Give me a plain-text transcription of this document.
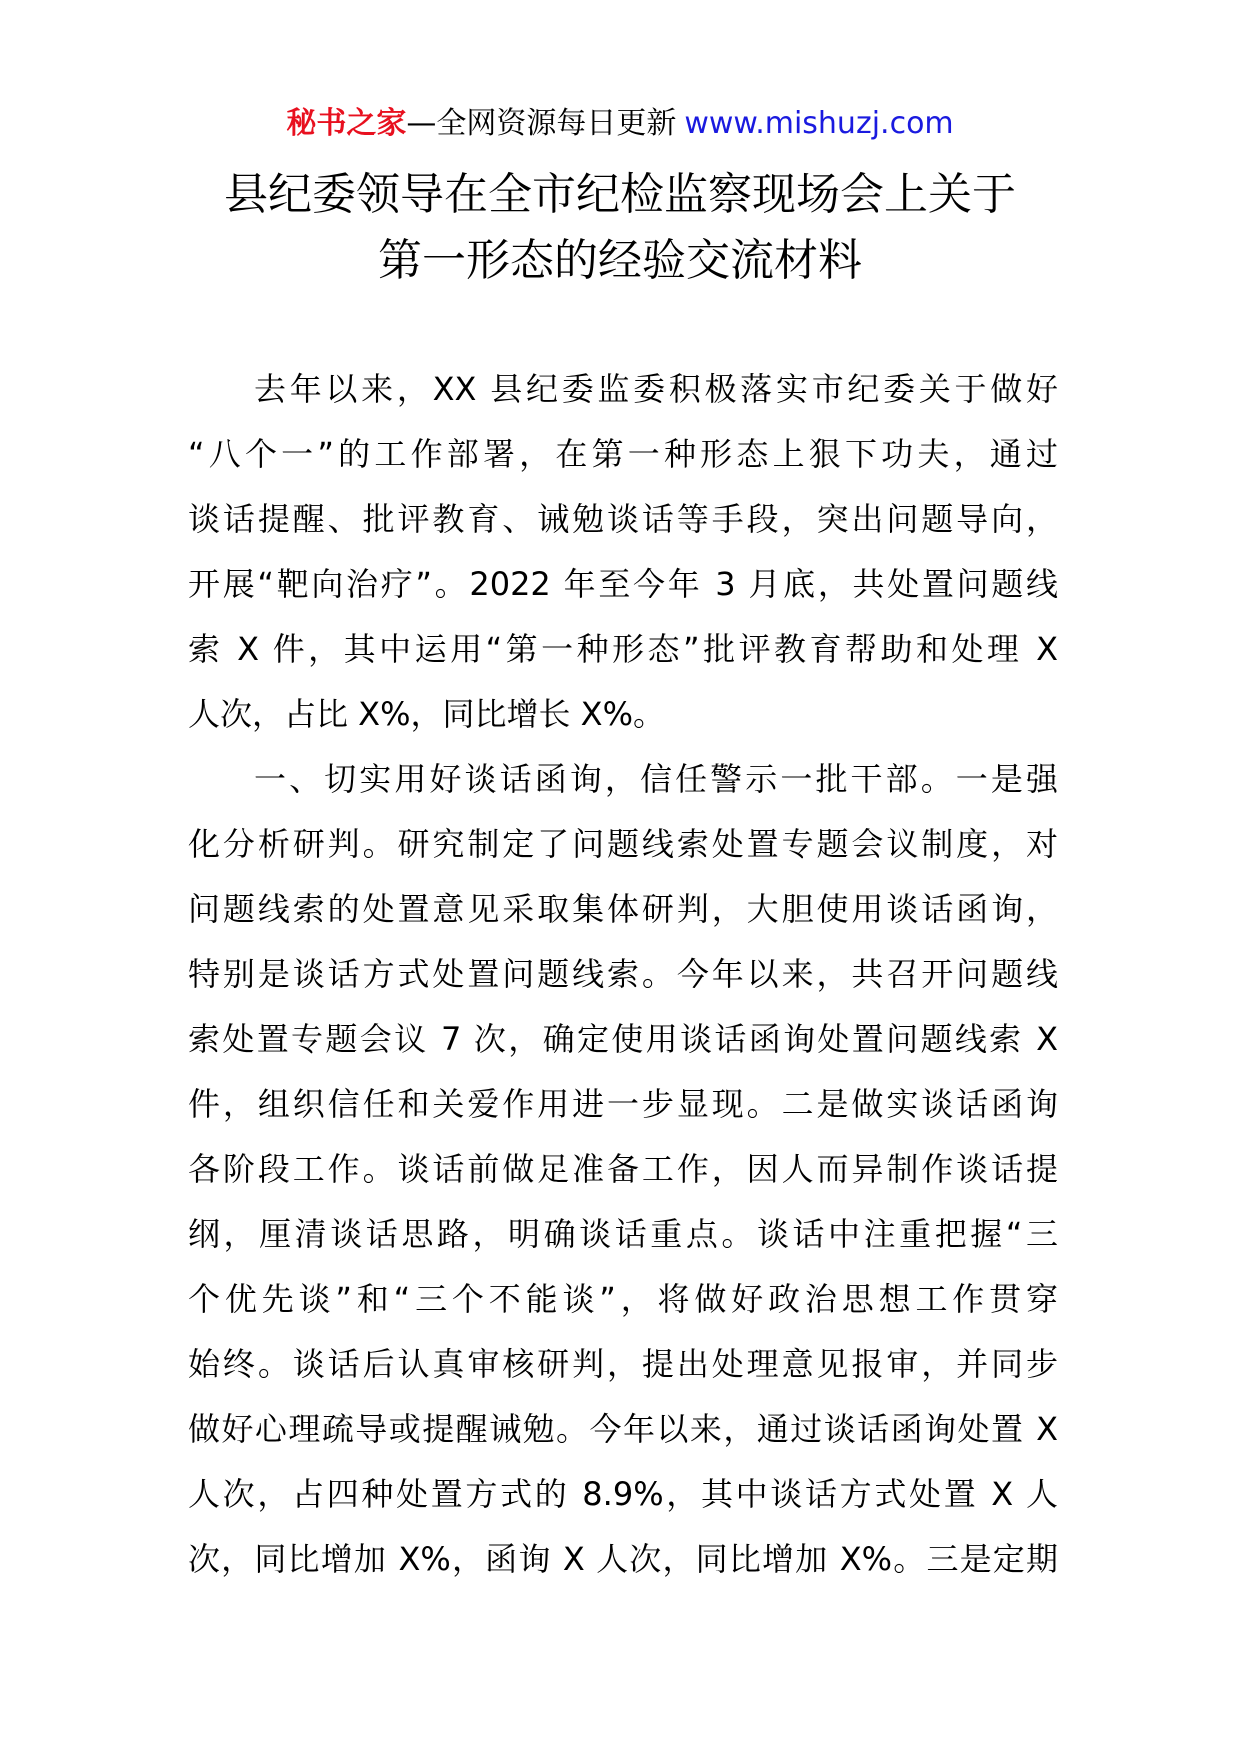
秘书之家—全网资源每日更新 www.mishuzj.com
县纪委领导在全市纪检监察现场会上关于
第一形态的经验交流材料
去年以来，XX 县纪委监委积极落实市纪委关于做好
“八个一”的工作部署，在第一种形态上狠下功夫，通过
谈话提醒、批评教育、诫勉谈话等手段，突出问题导向，
开展“靶向治疗”。2022 年至今年 3 月底，共处置问题线
索 X 件，其中运用“第一种形态”批评教育帮助和处理 X
人次，占比 X%，同比增长 X%。
一、切实用好谈话函询，信任警示一批干部。一是强
化分析研判。研究制定了问题线索处置专题会议制度，对
问题线索的处置意见采取集体研判，大胆使用谈话函询，
特别是谈话方式处置问题线索。今年以来，共召开问题线
索处置专题会议 7 次，确定使用谈话函询处置问题线索 X
件，组织信任和关爱作用进一步显现。二是做实谈话函询
各阶段工作。谈话前做足准备工作，因人而异制作谈话提
纲，厘清谈话思路，明确谈话重点。谈话中注重把握“三
个优先谈”和“三个不能谈”，将做好政治思想工作贯穿
始终。谈话后认真审核研判，提出处理意见报审，并同步
做好心理疏导或提醒诫勉。今年以来，通过谈话函询处置 X
人次，占四种处置方式的 8.9%，其中谈话方式处置 X 人
次，同比增加 X%，函询 X 人次，同比增加 X%。三是定期
